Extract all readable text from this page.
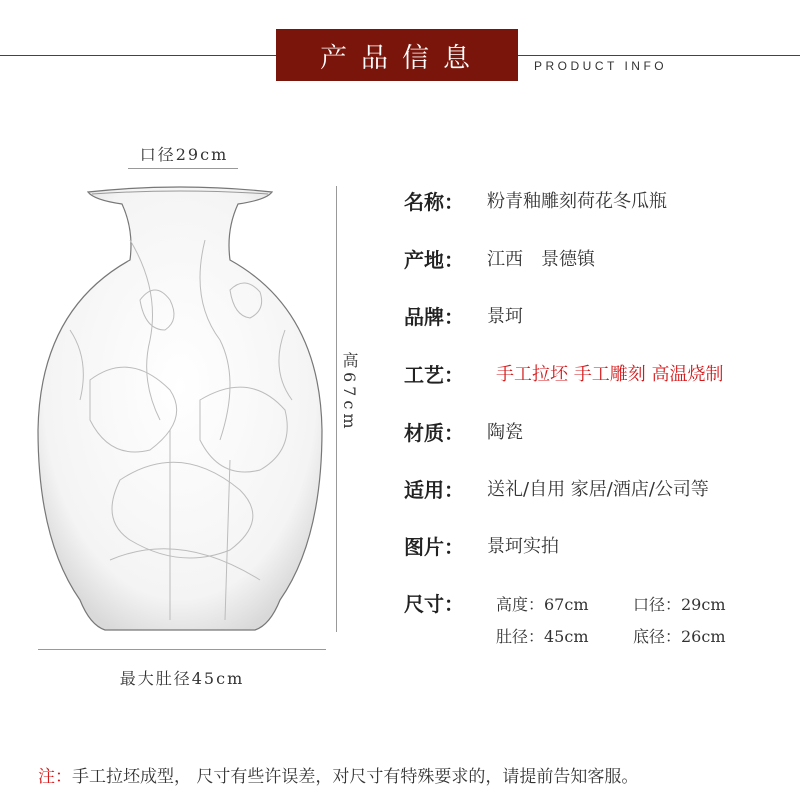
产品信息	PRODUCT INFO
口径29cm
高67cm
最大肚径45cm
名称： 粉青釉雕刻荷花冬瓜瓶
产地： 江西　景德镇
品牌： 景珂
工艺： 手工拉坯 手工雕刻 高温烧制
材质： 陶瓷
适用： 送礼/自用 家居/酒店/公司等
图片： 景珂实拍
尺寸： 高度：67cm	口径：29cm
肚径：45cm	底径：26cm
注：手工拉坯成型， 尺寸有些许误差，对尺寸有特殊要求的，请提前告知客服。
